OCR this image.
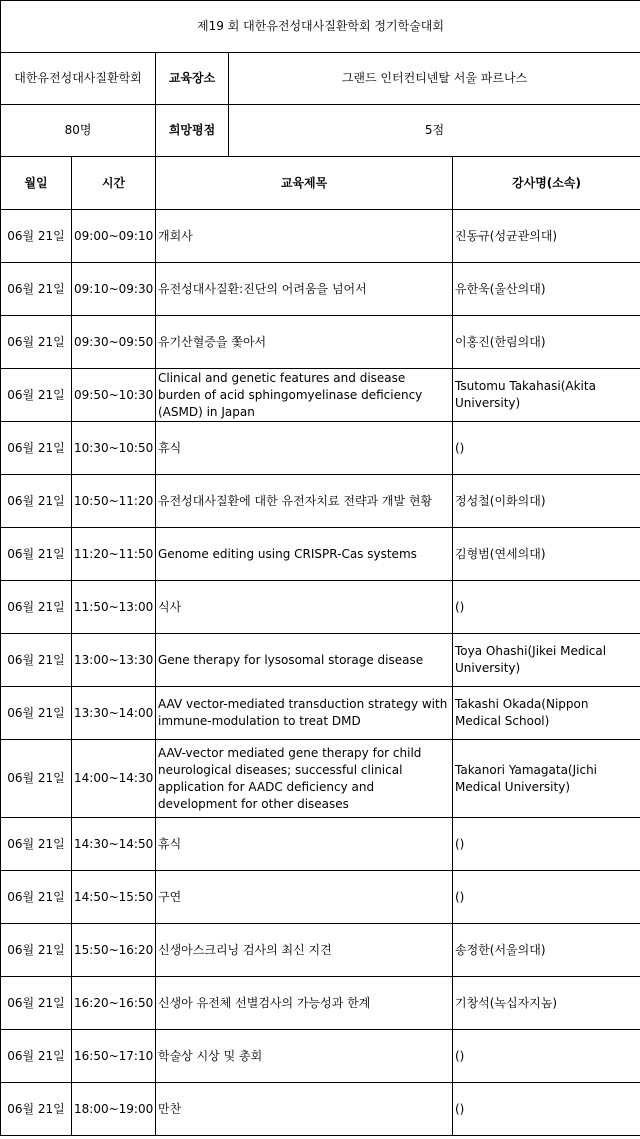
제19 회 대한유전성대사질환학회 정기학술대회				
대한유전성대사질환학회		교육장소	그랜드 인터컨티넨탈 서울 파르나스	
80명		희망평점	5점	
월일	시간	교육제목		강사명(소속)
06월 21일	09:00~09:10	개회사		진동규(성균관의대)
06월 21일	09:10~09:30	유전성대사질환:진단의 어려움을 넘어서		유한욱(울산의대)
06월 21일	09:30~09:50	유기산혈증을 쫓아서		이홍진(한림의대)
06월 21일	09:50~10:30	Clinical and genetic features and disease burden of acid sphingomyelinase deficiency (ASMD) in Japan		Tsutomu Takahasi(Akita University)
06월 21일	10:30~10:50	휴식		()
06월 21일	10:50~11:20	유전성대사질환에 대한 유전자치료 전략과 개발 현황		정성철(이화의대)
06월 21일	11:20~11:50	Genome editing using CRISPR-Cas systems		김형범(연세의대)
06월 21일	11:50~13:00	식사		()
06월 21일	13:00~13:30	Gene therapy for lysosomal storage disease		Toya Ohashi(Jikei Medical University)
06월 21일	13:30~14:00	AAV vector-mediated transduction strategy with immune-modulation to treat DMD		Takashi Okada(Nippon Medical School)
06월 21일	14:00~14:30	AAV-vector mediated gene therapy for child neurological diseases; successful clinical application for AADC deficiency and development for other diseases		Takanori Yamagata(Jichi Medical University)
06월 21일	14:30~14:50	휴식		()
06월 21일	14:50~15:50	구연		()
06월 21일	15:50~16:20	신생아스크리닝 검사의 최신 지견		송정한(서울의대)
06월 21일	16:20~16:50	신생아 유전체 선별검사의 가능성과 한계		기창석(녹십자지놈)
06월 21일	16:50~17:10	학술상 시상 및 총회		()
06월 21일	18:00~19:00	만찬		()
